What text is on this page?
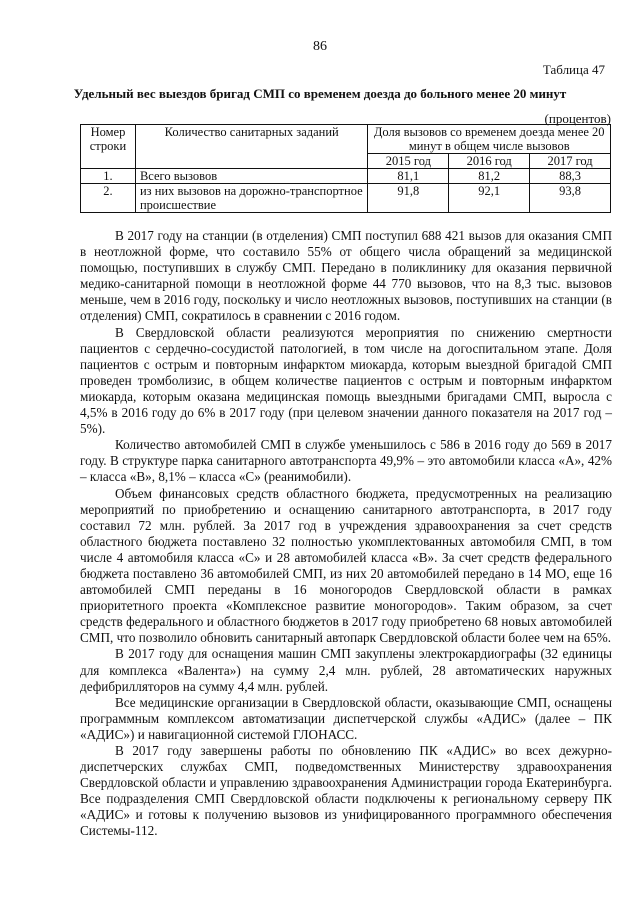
86
Таблица 47
Удельный вес выездов бригад СМП со временем доезда до больного менее 20 минут
(процентов)
Номер строки	Количество санитарных заданий	Доля вызовов со временем доезда менее 20 минут в общем числе вызовов		
		2015 год	2016 год	2017 год
1.	Всего вызовов	81,1	81,2	88,3
2.	из них вызовов на дорожно-транспортное происшествие	91,8	92,1	93,8

В 2017 году на станции (в отделения) СМП поступил 688 421 вызов для оказания СМП в неотложной форме, что составило 55% от общего числа обращений за медицинской помощью, поступивших в службу СМП. Передано в поликлинику для оказания первичной медико-санитарной помощи в неотложной форме 44 770 вызовов, что на 8,3 тыс. вызовов меньше, чем в 2016 году, поскольку и число неотложных вызовов, поступивших на станции (в отделения) СМП, сократилось в сравнении с 2016 годом.

В Свердловской области реализуются мероприятия по снижению смертности пациентов с сердечно-сосудистой патологией, в том числе на догоспитальном этапе. Доля пациентов с острым и повторным инфарктом миокарда, которым выездной бригадой СМП проведен тромболизис, в общем количестве пациентов с острым и повторным инфарктом миокарда, которым оказана медицинская помощь выездными бригадами СМП, выросла с 4,5% в 2016 году до 6% в 2017 году (при целевом значении данного показателя на 2017 год – 5%).

Количество автомобилей СМП в службе уменьшилось с 586 в 2016 году до 569 в 2017 году. В структуре парка санитарного автотранспорта 49,9% – это автомобили класса «А», 42% – класса «В», 8,1% – класса «С» (реанимобили).

Объем финансовых средств областного бюджета, предусмотренных на реализацию мероприятий по приобретению и оснащению санитарного автотранспорта, в 2017 году составил 72 млн. рублей. За 2017 год в учреждения здравоохранения за счет средств областного бюджета поставлено 32 полностью укомплектованных автомобиля СМП, в том числе 4 автомобиля класса «С» и 28 автомобилей класса «В». За счет средств федерального бюджета поставлено 36 автомобилей СМП, из них 20 автомобилей передано в 14 МО, еще 16 автомобилей СМП переданы в 16 моногородов Свердловской области в рамках приоритетного проекта «Комплексное развитие моногородов». Таким образом, за счет средств федерального и областного бюджетов в 2017 году приобретено 68 новых автомобилей СМП, что позволило обновить санитарный автопарк Свердловской области более чем на 65%.

В 2017 году для оснащения машин СМП закуплены электрокардиографы (32 единицы для комплекса «Валента») на сумму 2,4 млн. рублей, 28 автоматических наружных дефибрилляторов на сумму 4,4 млн. рублей.

Все медицинские организации в Свердловской области, оказывающие СМП, оснащены программным комплексом автоматизации диспетчерской службы «АДИС» (далее – ПК «АДИС») и навигационной системой ГЛОНАСС.

В 2017 году завершены работы по обновлению ПК «АДИС» во всех дежурно-диспетчерских службах СМП, подведомственных Министерству здравоохранения Свердловской области и управлению здравоохранения Администрации города Екатеринбурга. Все подразделения СМП Свердловской области подключены к региональному серверу ПК «АДИС» и готовы к получению вызовов из унифицированного программного обеспечения Системы-112.
